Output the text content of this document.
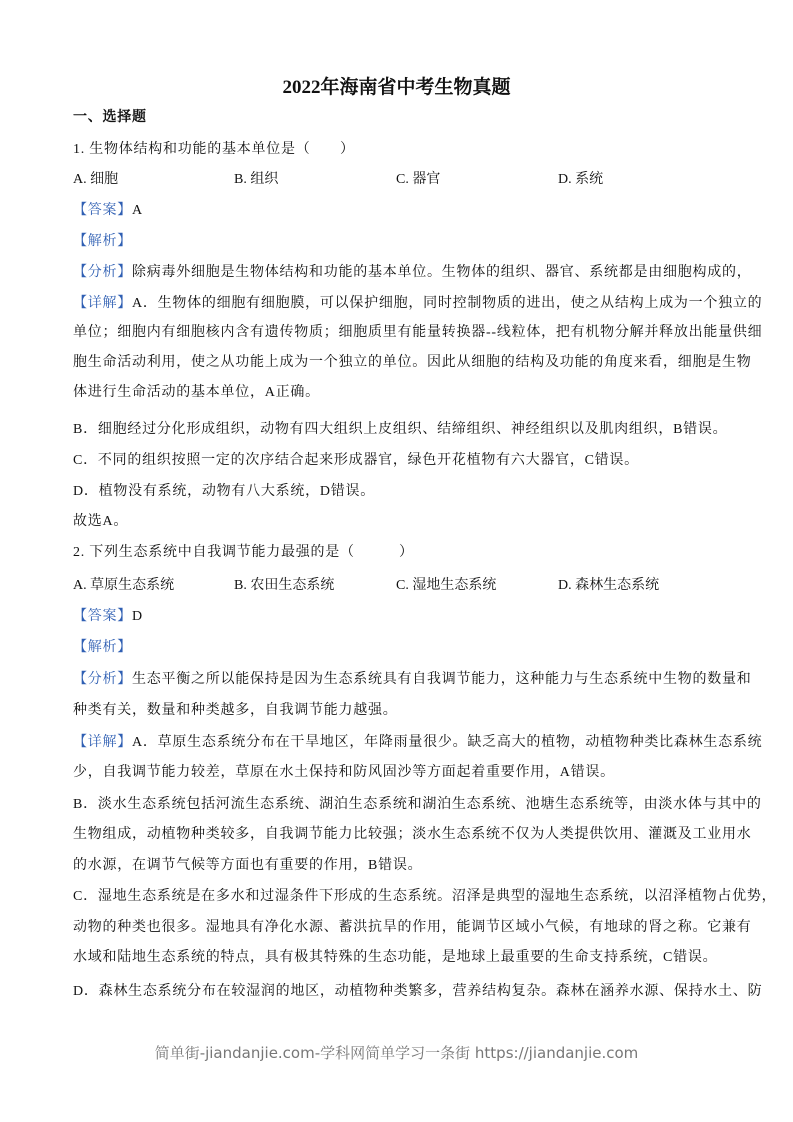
2022年海南省中考生物真题
一、选择题
1. 生物体结构和功能的基本单位是（　　）
A. 细胞	B. 组织	C. 器官	D. 系统
【答案】A
【解析】
【分析】除病毒外细胞是生物体结构和功能的基本单位。生物体的组织、器官、系统都是由细胞构成的，
【详解】A．生物体的细胞有细胞膜，可以保护细胞，同时控制物质的进出，使之从结构上成为一个独立的
单位；细胞内有细胞核内含有遗传物质；细胞质里有能量转换器--线粒体，把有机物分解并释放出能量供细
胞生命活动利用，使之从功能上成为一个独立的单位。因此从细胞的结构及功能的角度来看，细胞是生物
体进行生命活动的基本单位，A正确。
B．细胞经过分化形成组织，动物有四大组织上皮组织、结缔组织、神经组织以及肌肉组织，B错误。
C．不同的组织按照一定的次序结合起来形成器官，绿色开花植物有六大器官，C错误。
D．植物没有系统，动物有八大系统，D错误。
故选A。
2. 下列生态系统中自我调节能力最强的是（　　　）
A. 草原生态系统	B. 农田生态系统	C. 湿地生态系统	D. 森林生态系统
【答案】D
【解析】
【分析】生态平衡之所以能保持是因为生态系统具有自我调节能力，这种能力与生态系统中生物的数量和
种类有关，数量和种类越多，自我调节能力越强。
【详解】A．草原生态系统分布在干旱地区，年降雨量很少。缺乏高大的植物，动植物种类比森林生态系统
少，自我调节能力较差，草原在水土保持和防风固沙等方面起着重要作用，A错误。
B．淡水生态系统包括河流生态系统、湖泊生态系统和湖泊生态系统、池塘生态系统等，由淡水体与其中的
生物组成，动植物种类较多，自我调节能力比较强；淡水生态系统不仅为人类提供饮用、灌溉及工业用水
的水源，在调节气候等方面也有重要的作用，B错误。
C．湿地生态系统是在多水和过湿条件下形成的生态系统。沼泽是典型的湿地生态系统，以沼泽植物占优势，
动物的种类也很多。湿地具有净化水源、蓄洪抗旱的作用，能调节区域小气候，有地球的肾之称。它兼有
水域和陆地生态系统的特点，具有极其特殊的生态功能，是地球上最重要的生命支持系统，C错误。
D．森林生态系统分布在较湿润的地区，动植物种类繁多，营养结构复杂。森林在涵养水源、保持水土、防
简单街-jiandanjie.com-学科网简单学习一条街 https://jiandanjie.com
